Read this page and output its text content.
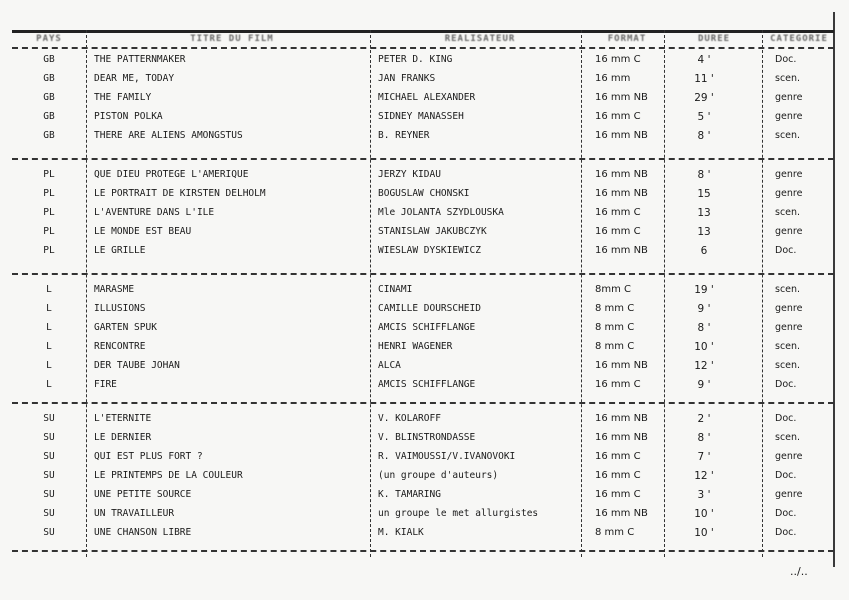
PAYS	TITRE DU FILM	REALISATEUR	FORMAT	DUREE	CATEGORIE
GB	THE PATTERNMAKER	PETER D. KING	16 mm C	4 '	Doc.
GB	DEAR ME, TODAY	JAN FRANKS	16 mm	11 '	scen.
GB	THE FAMILY	MICHAEL ALEXANDER	16 mm NB	29 '	genre
GB	PISTON POLKA	SIDNEY MANASSEH	16 mm C	5 '	genre
GB	THERE ARE ALIENS AMONGSTUS	B. REYNER	16 mm NB	8 '	scen.
PL	QUE DIEU PROTEGE L'AMERIQUE	JERZY KIDAU	16 mm NB	8 '	genre
PL	LE PORTRAIT DE KIRSTEN DELHOLM	BOGUSLAW CHONSKI	16 mm NB	15	genre
PL	L'AVENTURE DANS L'ILE	Mle JOLANTA SZYDLOUSKA	16 mm C	13	scen.
PL	LE MONDE EST BEAU	STANISLAW JAKUBCZYK	16 mm C	13	genre
PL	LE GRILLE	WIESLAW DYSKIEWICZ	16 mm NB	6	Doc.
L	MARASME	CINAMI	8mm C	19 '	scen.
L	ILLUSIONS	CAMILLE DOURSCHEID	8 mm C	9 '	genre
L	GARTEN SPUK	AMCIS SCHIFFLANGE	8 mm C	8 '	genre
L	RENCONTRE	HENRI WAGENER	8 mm C	10 '	scen.
L	DER TAUBE JOHAN	ALCA	16 mm NB	12 '	scen.
L	FIRE	AMCIS SCHIFFLANGE	16 mm C	9 '	Doc.
SU	L'ETERNITE	V. KOLAROFF	16 mm NB	2 '	Doc.
SU	LE DERNIER	V. BLINSTRONDASSE	16 mm NB	8 '	scen.
SU	QUI EST PLUS FORT ?	R. VAIMOUSSI/V.IVANOVOKI	16 mm C	7 '	genre
SU	LE PRINTEMPS DE LA COULEUR	(un groupe d'auteurs)	16 mm C	12 '	Doc.
SU	UNE PETITE SOURCE	K. TAMARING	16 mm C	3 '	genre
SU	UN TRAVAILLEUR	un groupe le met allurgistes	16 mm NB	10 '	Doc.
SU	UNE CHANSON LIBRE	M. KIALK	8 mm C	10 '	Doc.
../..
